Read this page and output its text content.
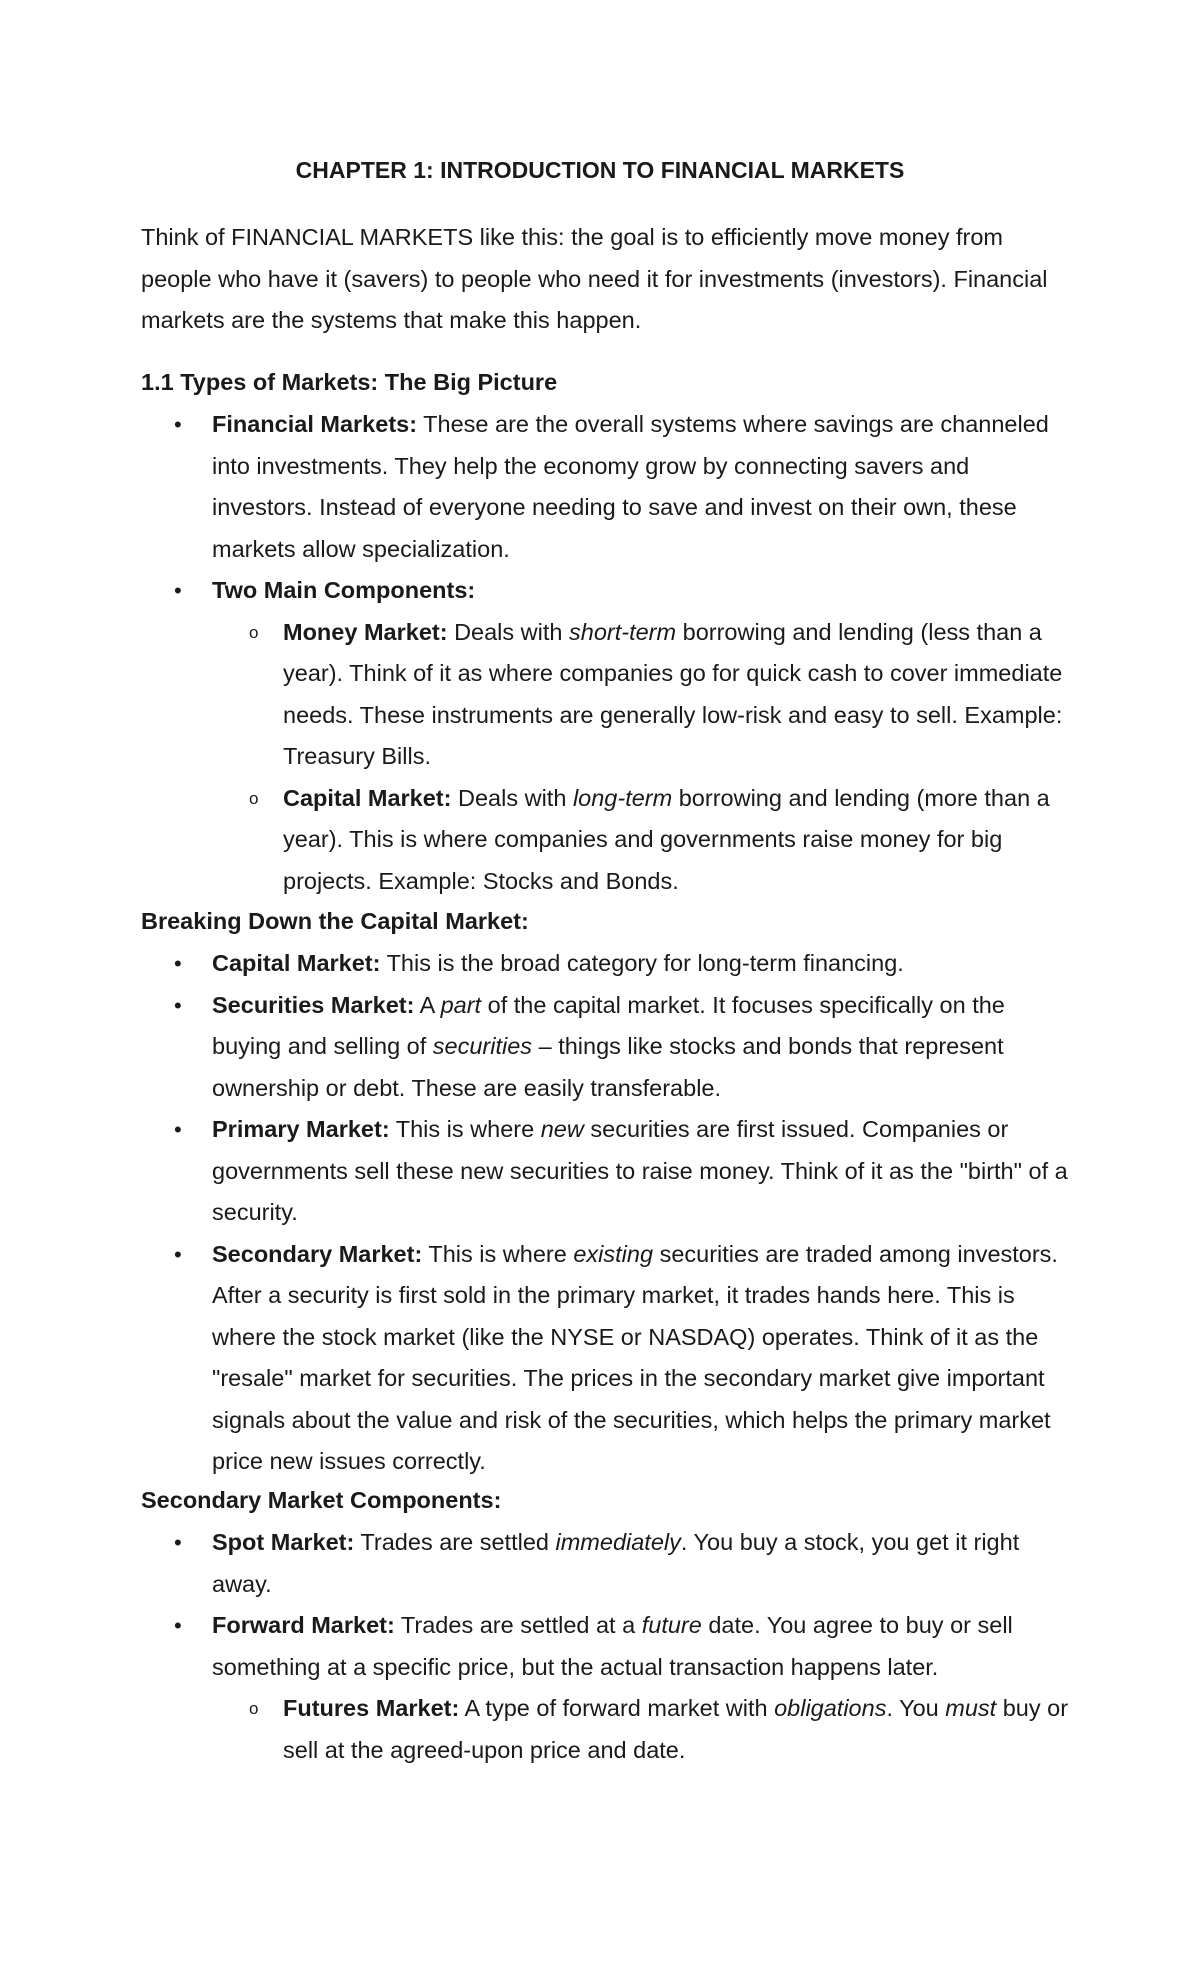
CHAPTER 1: INTRODUCTION TO FINANCIAL MARKETS

Think of FINANCIAL MARKETS like this: the goal is to efficiently move money from people who have it (savers) to people who need it for investments (investors). Financial markets are the systems that make this happen.

1.1 Types of Markets: The Big Picture
• Financial Markets: These are the overall systems where savings are channeled into investments. They help the economy grow by connecting savers and investors. Instead of everyone needing to save and invest on their own, these markets allow specialization.
• Two Main Components:
o Money Market: Deals with short-term borrowing and lending (less than a year). Think of it as where companies go for quick cash to cover immediate needs. These instruments are generally low-risk and easy to sell. Example: Treasury Bills.
o Capital Market: Deals with long-term borrowing and lending (more than a year). This is where companies and governments raise money for big projects. Example: Stocks and Bonds.
Breaking Down the Capital Market:
• Capital Market: This is the broad category for long-term financing.
• Securities Market: A part of the capital market. It focuses specifically on the buying and selling of securities – things like stocks and bonds that represent ownership or debt. These are easily transferable.
• Primary Market: This is where new securities are first issued. Companies or governments sell these new securities to raise money. Think of it as the "birth" of a security.
• Secondary Market: This is where existing securities are traded among investors. After a security is first sold in the primary market, it trades hands here. This is where the stock market (like the NYSE or NASDAQ) operates. Think of it as the "resale" market for securities. The prices in the secondary market give important signals about the value and risk of the securities, which helps the primary market price new issues correctly.
Secondary Market Components:
• Spot Market: Trades are settled immediately. You buy a stock, you get it right away.
• Forward Market: Trades are settled at a future date. You agree to buy or sell something at a specific price, but the actual transaction happens later.
o Futures Market: A type of forward market with obligations. You must buy or sell at the agreed-upon price and date.
